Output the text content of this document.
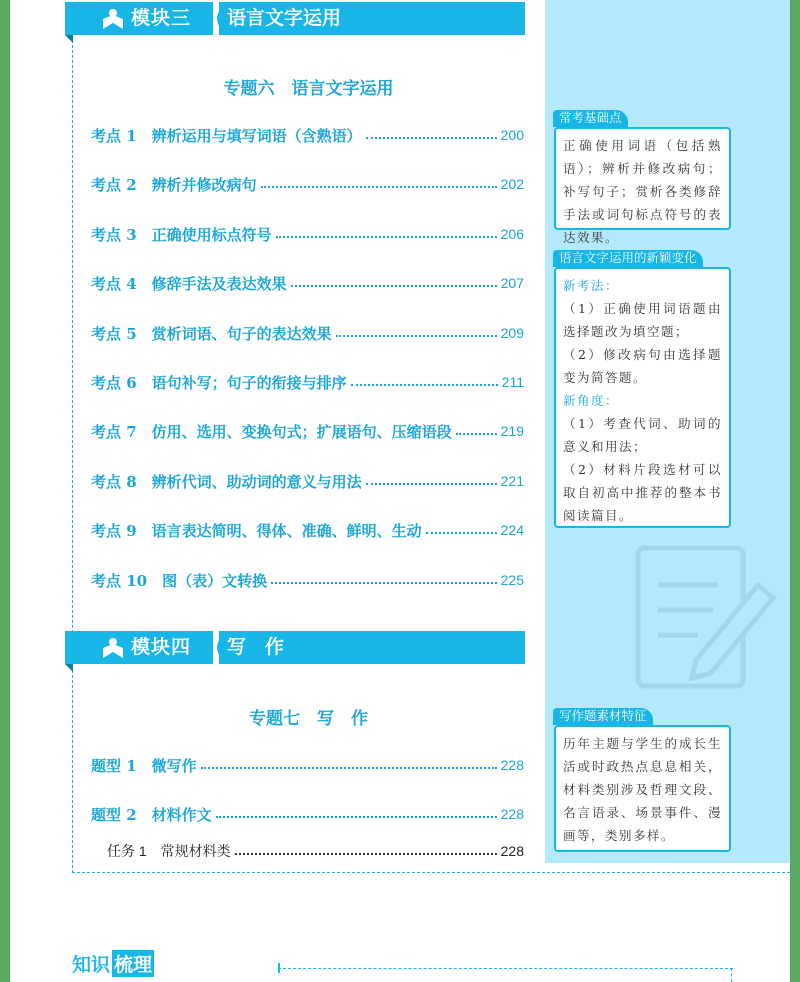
模块三 语言文字运用
专题六　语言文字运用
考点 1　辨析运用与填写词语（含熟语）	200
考点 2　辨析并修改病句	202
考点 3　正确使用标点符号	206
考点 4　修辞手法及表达效果	207
考点 5　赏析词语、句子的表达效果	209
考点 6　语句补写；句子的衔接与排序	211
考点 7　仿用、选用、变换句式；扩展语句、压缩语段	219
考点 8　辨析代词、助动词的意义与用法	221
考点 9　语言表达简明、得体、准确、鲜明、生动	224
考点 10　图（表）文转换	225
模块四 写　作
专题七　写　作
题型 1　微写作	228
题型 2　材料作文	228
任务 1　常规材料类	228
常考基础点

正确使用词语（包括熟语）；辨析并修改病句；补写句子；赏析各类修辞手法或词句标点符号的表达效果。

语言文字运用的新颖变化

新考法：

（1）正确使用词语题由选择题改为填空题；

（2）修改病句由选择题变为简答题。

新角度：

（1）考查代词、助词的意义和用法；

（2）材料片段选材可以取自初高中推荐的整本书阅读篇目。

写作题素材特征

历年主题与学生的成长生活或时政热点息息相关，材料类别涉及哲理文段、名言语录、场景事件、漫画等，类别多样。

知识 梳理
